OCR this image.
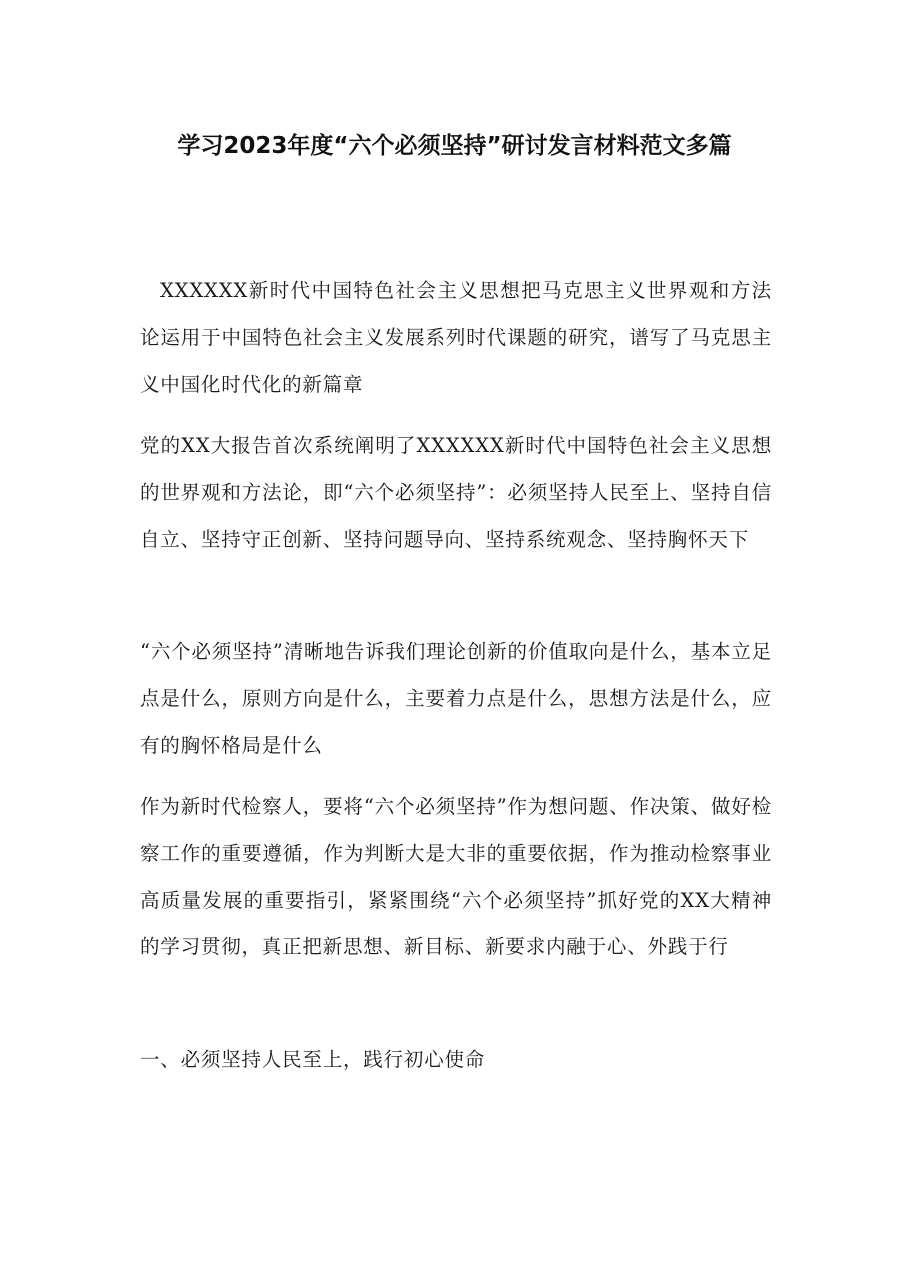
学习2023年度“六个必须坚持”研讨发言材料范文多篇

XXXXXX新时代中国特色社会主义思想把马克思主义世界观和方法论运用于中国特色社会主义发展系列时代课题的研究，谱写了马克思主义中国化时代化的新篇章

党的XX大报告首次系统阐明了XXXXXX新时代中国特色社会主义思想的世界观和方法论，即“六个必须坚持”：必须坚持人民至上、坚持自信自立、坚持守正创新、坚持问题导向、坚持系统观念、坚持胸怀天下

“六个必须坚持”清晰地告诉我们理论创新的价值取向是什么，基本立足点是什么，原则方向是什么，主要着力点是什么，思想方法是什么，应有的胸怀格局是什么

作为新时代检察人，要将“六个必须坚持”作为想问题、作决策、做好检察工作的重要遵循，作为判断大是大非的重要依据，作为推动检察事业高质量发展的重要指引，紧紧围绕“六个必须坚持”抓好党的XX大精神的学习贯彻，真正把新思想、新目标、新要求内融于心、外践于行

一、必须坚持人民至上，践行初心使命
